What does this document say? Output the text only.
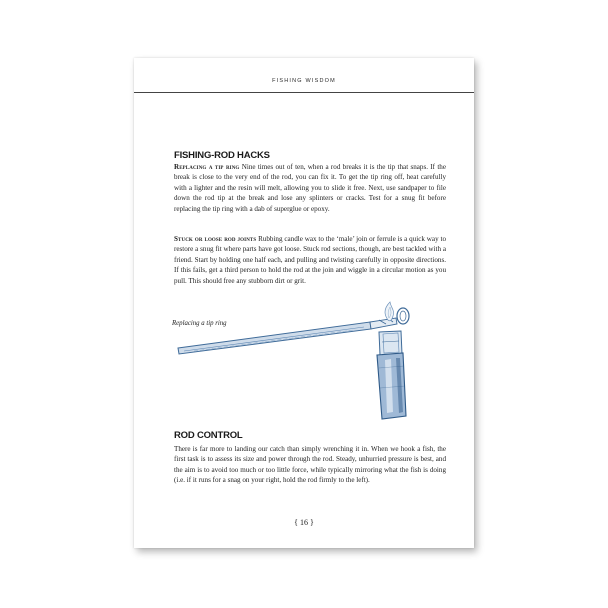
FISHING WISDOM
FISHING-ROD HACKS
Replacing a tip ring Nine times out of ten, when a rod breaks it is the tip that snaps. If the break is close to the very end of the rod, you can fix it. To get the tip ring off, heat carefully with a lighter and the resin will melt, allowing you to slide it free. Next, use sandpaper to file down the rod tip at the break and lose any splinters or cracks. Test for a snug fit before replacing the tip ring with a dab of superglue or epoxy.
Stuck or loose rod joints Rubbing candle wax to the ‘male’ join or ferrule is a quick way to restore a snug fit where parts have got loose. Stuck rod sections, though, are best tackled with a friend. Start by holding one half each, and pulling and twisting carefully in opposite directions. If this fails, get a third person to hold the rod at the join and wiggle in a circular motion as you pull. This should free any stubborn dirt or grit.
Replacing a tip ring
ROD CONTROL
There is far more to landing our catch than simply wrenching it in. When we hook a fish, the first task is to assess its size and power through the rod. Steady, unhurried pressure is best, and the aim is to avoid too much or too little force, while typically mirroring what the fish is doing (i.e. if it runs for a snag on your right, hold the rod firmly to the left).
{ 16 }
